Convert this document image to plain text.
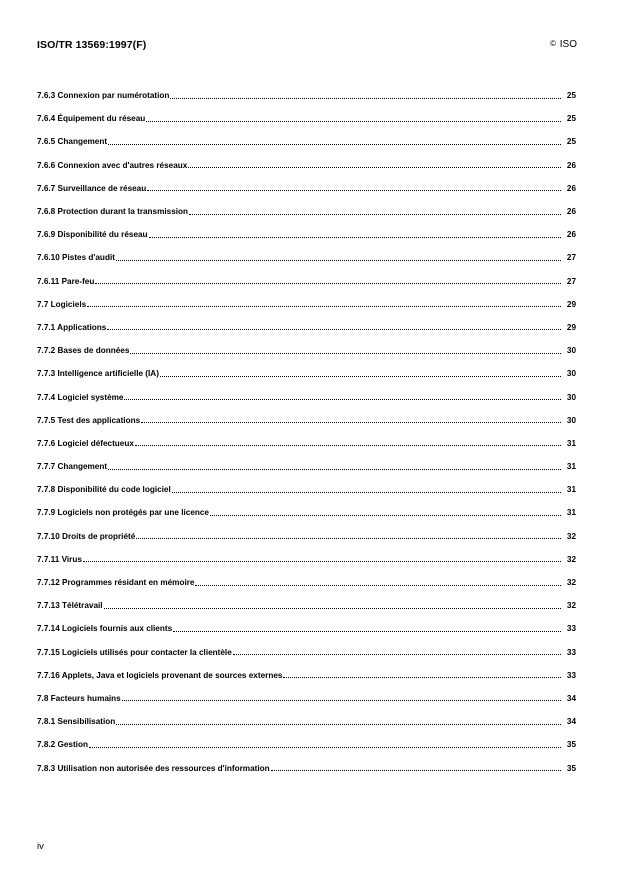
ISO/TR 13569:1997(F)	© ISO
7.6.3 Connexion par numérotation	25
7.6.4 Équipement du réseau	25
7.6.5 Changement	25
7.6.6 Connexion avec d'autres réseaux	26
7.6.7 Surveillance de réseau	26
7.6.8 Protection durant la transmission	26
7.6.9 Disponibilité du réseau	26
7.6.10 Pistes d'audit	27
7.6.11 Pare-feu	27
7.7 Logiciels	29
7.7.1 Applications	29
7.7.2 Bases de données	30
7.7.3 Intelligence artificielle (IA)	30
7.7.4 Logiciel système	30
7.7.5 Test des applications	30
7.7.6 Logiciel défectueux	31
7.7.7 Changement	31
7.7.8 Disponibilité du code logiciel	31
7.7.9 Logiciels non protégés par une licence	31
7.7.10 Droits de propriété	32
7.7.11 Virus	32
7.7.12 Programmes résidant en mémoire	32
7.7.13 Télétravail	32
7.7.14 Logiciels fournis aux clients	33
7.7.15 Logiciels utilisés pour contacter la clientèle	33
7.7.16 Applets, Java et logiciels provenant de sources externes	33
7.8 Facteurs humains	34
7.8.1 Sensibilisation	34
7.8.2 Gestion	35
7.8.3 Utilisation non autorisée des ressources d'information	35
iv
